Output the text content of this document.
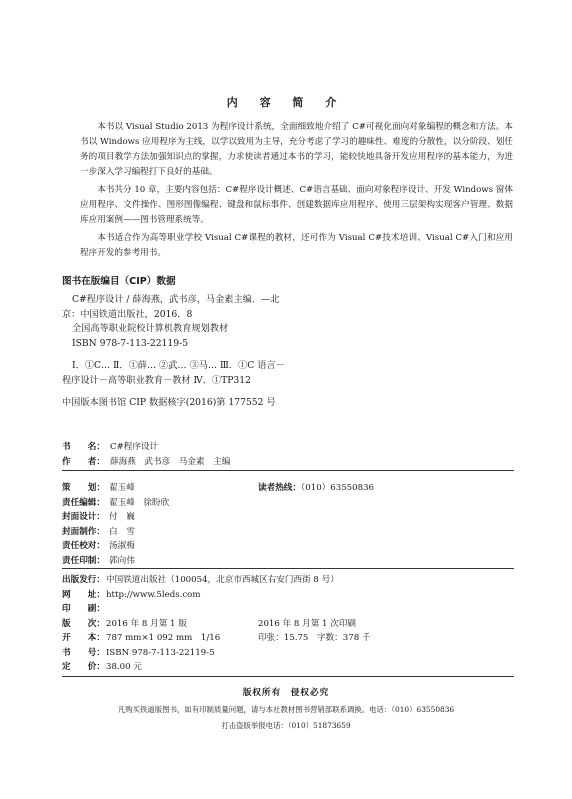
内 容 简 介

本书以 Visual Studio 2013 为程序设计系统，全面细致地介绍了 C#可视化面向对象编程的概念和方法。本书以 Windows 应用程序为主线，以学以致用为主导，充分考虑了学习的趣味性、难度的分散性，以分阶段、划任务的项目教学方法加强知识点的掌握，力求使读者通过本书的学习，能较快地具备开发应用程序的基本能力，为进一步深入学习编程打下良好的基础。

本书共分 10 章，主要内容包括：C#程序设计概述、C#语言基础、面向对象程序设计、开发 Windows 窗体应用程序、文件操作、图形图像编程、键盘和鼠标事件、创建数据库应用程序、使用三层架构实现客户管理、数据库应用案例——图书管理系统等。

本书适合作为高等职业学校 Visual C#课程的教材，还可作为 Visual C#技术培训、Visual C#入门和应用程序开发的参考用书。

图书在版编目（CIP）数据
C#程序设计 / 薛海燕，武书彦，马金素主编．—北
京：中国铁道出版社，2016．8
全国高等职业院校计算机教育规划教材
ISBN 978-7-113-22119-5
Ⅰ．①C… Ⅱ．①薛… ②武… ③马… Ⅲ．①C 语言－
程序设计－高等职业教育－教材 Ⅳ．①TP312
中国版本图书馆 CIP 数据核字(2016)第 177552 号
书　　名： C#程序设计
作　　者： 薛海燕　武书彦　马金素　主编
策　　划： 翟玉峰
责任编辑： 翟玉峰　徐盼欣
封面设计： 付　巍
封面制作： 白　雪
责任校对： 汤淑梅
责任印制： 郭向伟
读者热线：（010）63550836
出版发行： 中国铁道出版社（100054，北京市西城区右安门西街 8 号）
网　　址： http://www.5leds.com
印　　刷：
版　　次： 2016 年 8 月第 1 版	2016 年 8 月第 1 次印刷
开　　本： 787 mm×1 092 mm　1/16	印张：15.75　字数：378 千
书　　号： ISBN 978-7-113-22119-5
定　　价： 38.00 元
版权所有　侵权必究
凡购买铁道版图书，如有印制质量问题，请与本社教材图书营销部联系调换。电话：（010）63550836
打击盗版举报电话：（010）51873659
